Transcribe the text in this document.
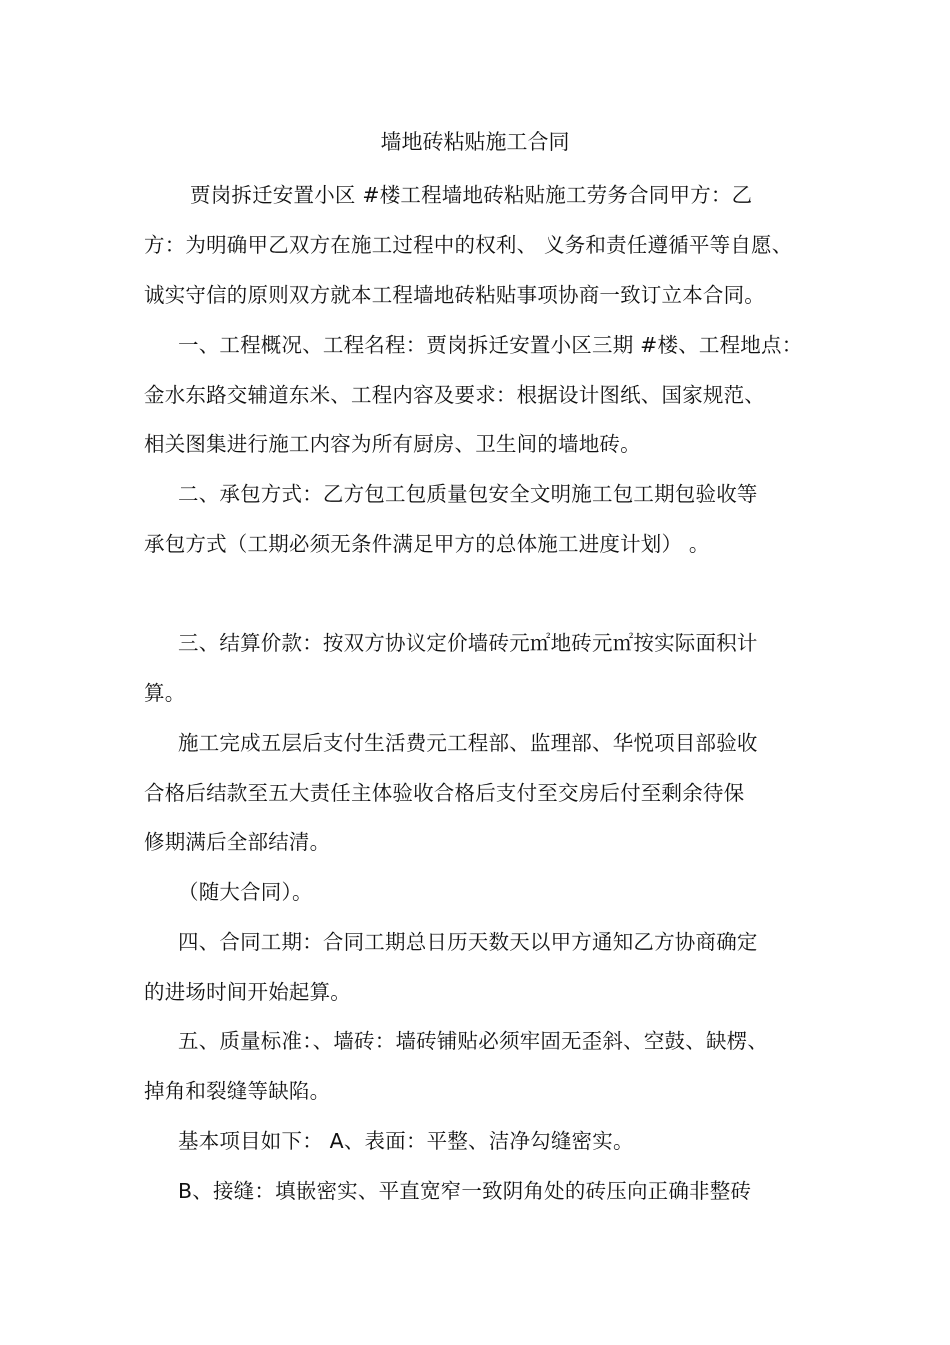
墙地砖粘贴施工合同
贾岗拆迁安置小区 #楼工程墙地砖粘贴施工劳务合同甲方：乙
方：为明确甲乙双方在施工过程中的权利、 义务和责任遵循平等自愿、
诚实守信的原则双方就本工程墙地砖粘贴事项协商一致订立本合同。
一、工程概况、工程名程：贾岗拆迁安置小区三期 #楼、工程地点：
金水东路交辅道东米、工程内容及要求：根据设计图纸、国家规范、
相关图集进行施工内容为所有厨房、卫生间的墙地砖。
二、承包方式：乙方包工包质量包安全文明施工包工期包验收等
承包方式（工期必须无条件满足甲方的总体施工进度计划） 。
三、结算价款：按双方协议定价墙砖元㎡地砖元㎡按实际面积计
算。
施工完成五层后支付生活费元工程部、监理部、华悦项目部验收
合格后结款至五大责任主体验收合格后支付至交房后付至剩余待保
修期满后全部结清。
（随大合同）。
四、合同工期：合同工期总日历天数天以甲方通知乙方协商确定
的进场时间开始起算。
五、质量标准：、墙砖：墙砖铺贴必须牢固无歪斜、空鼓、缺楞、
掉角和裂缝等缺陷。
基本项目如下： A、表面：平整、洁净勾缝密实。
B、接缝：填嵌密实、平直宽窄一致阴角处的砖压向正确非整砖
